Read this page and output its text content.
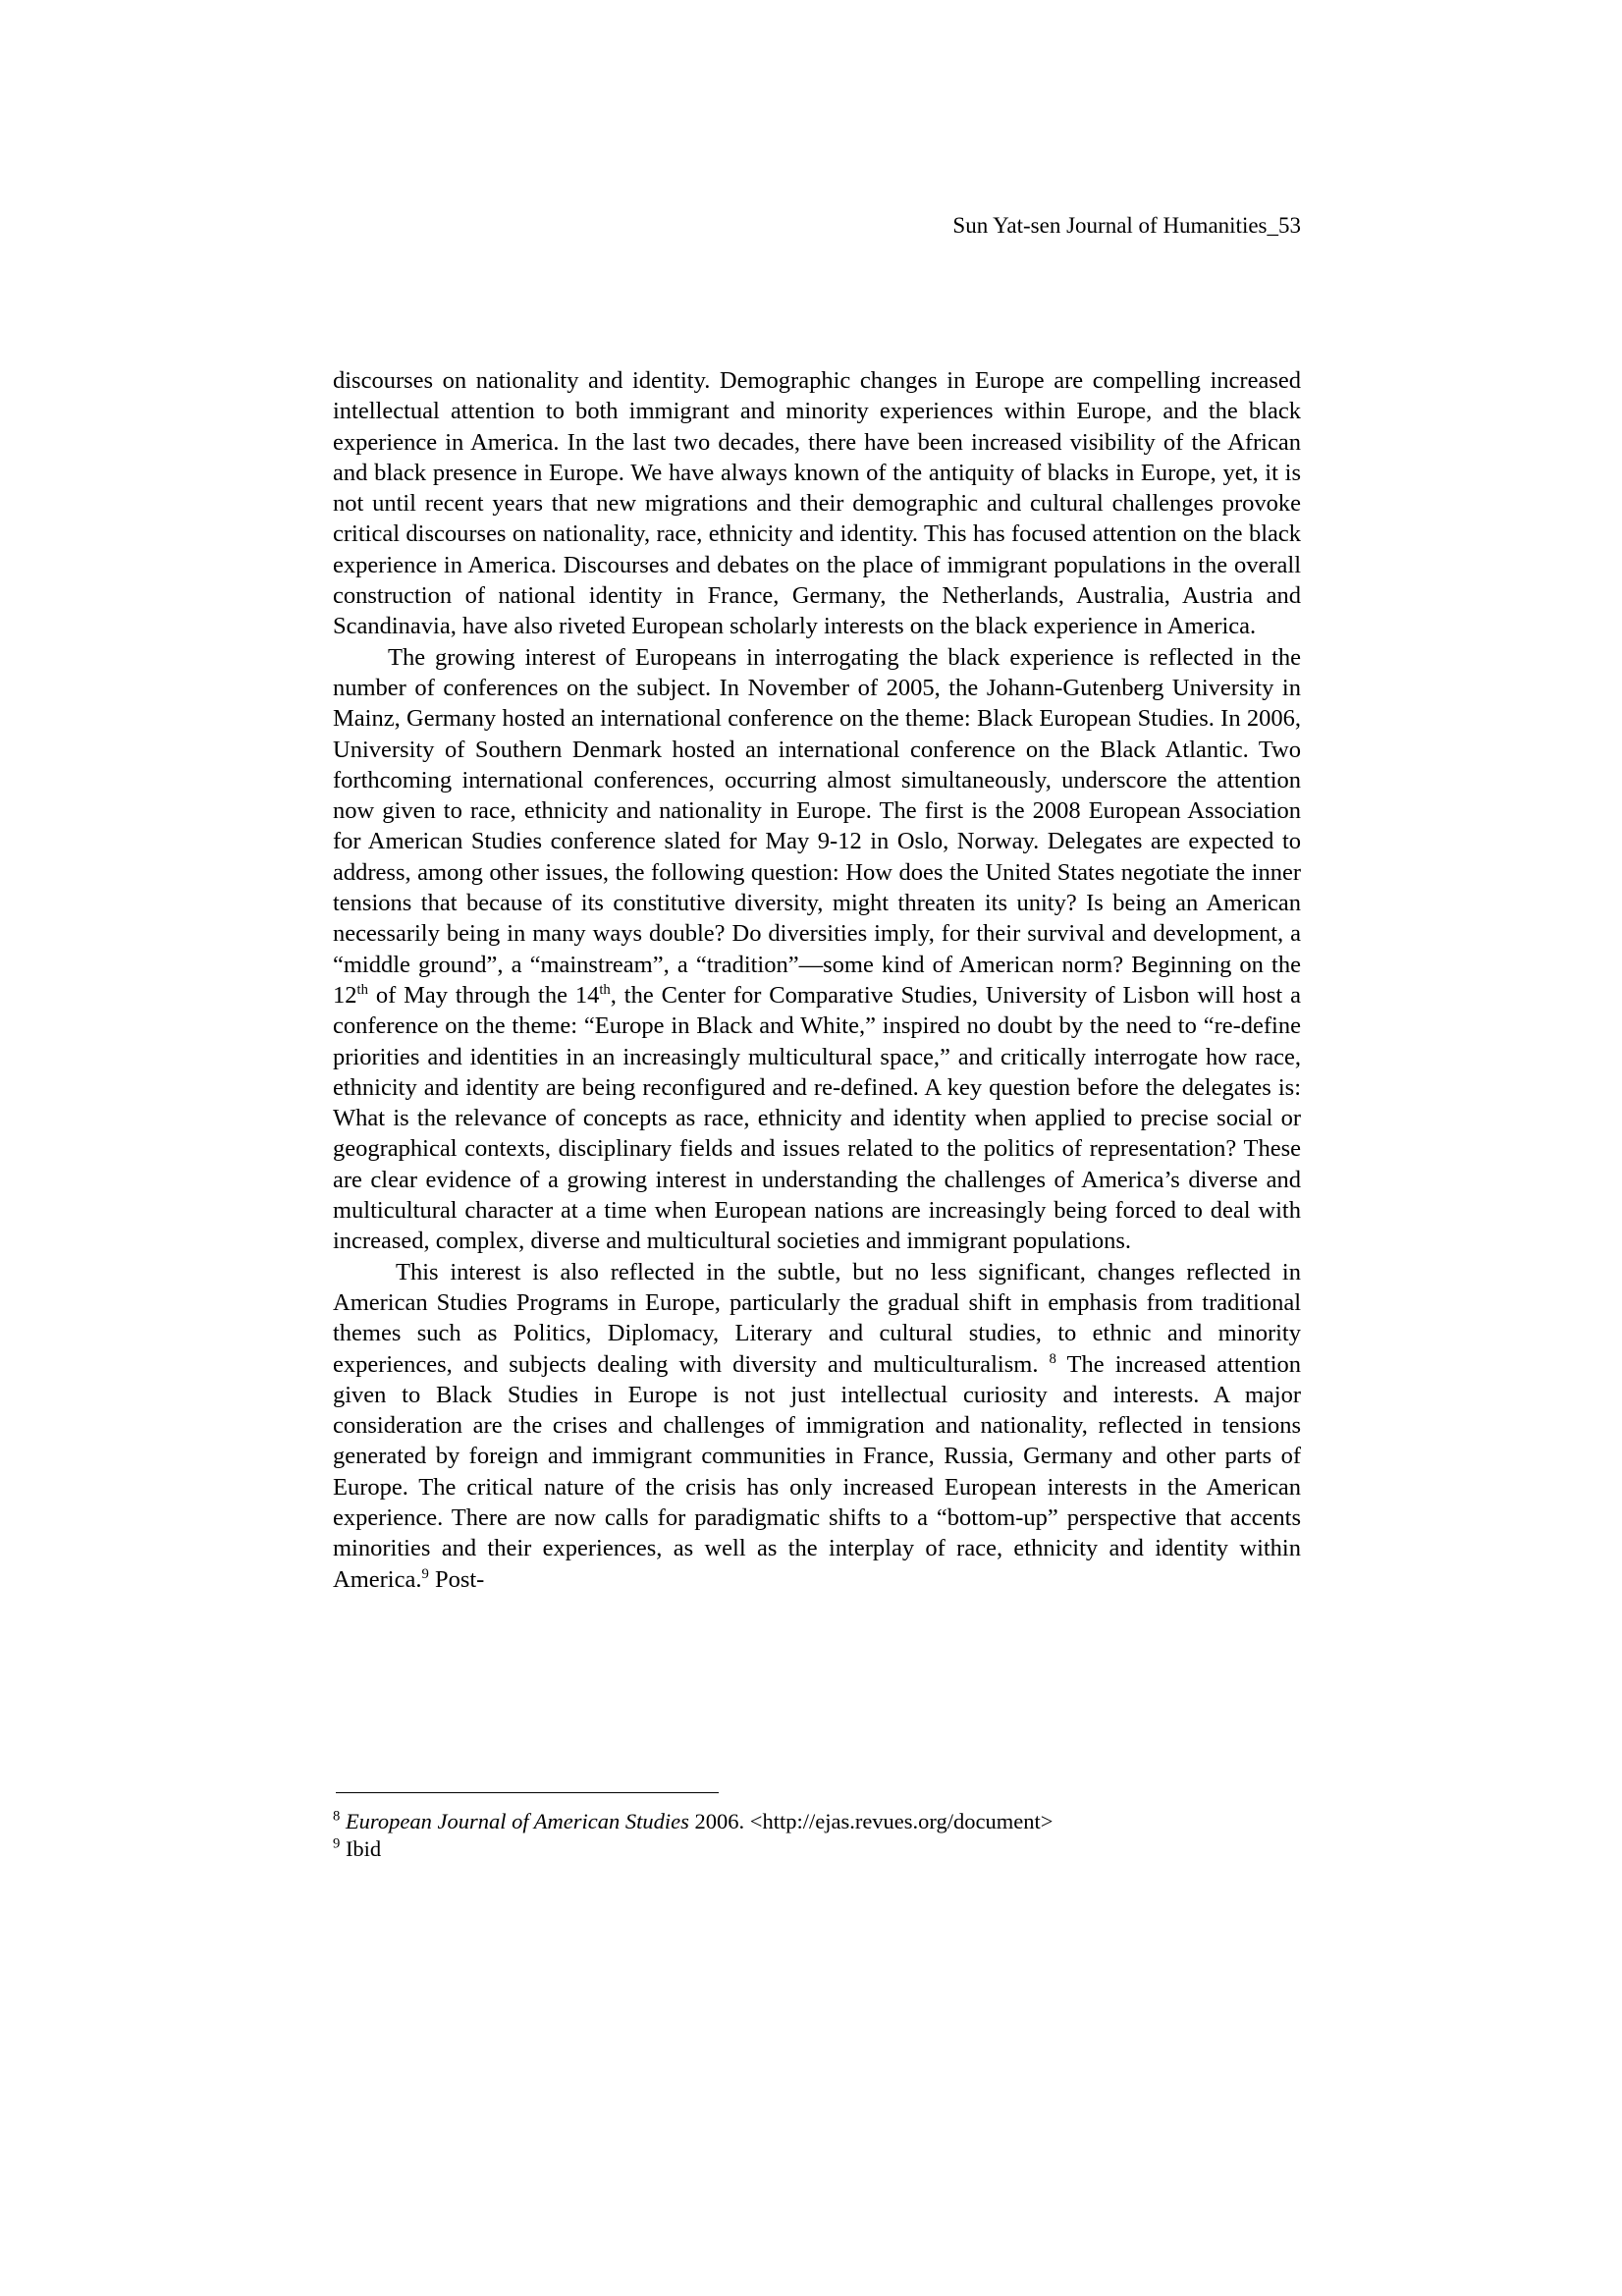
Sun Yat-sen Journal of Humanities_53

discourses on nationality and identity. Demographic changes in Europe are compelling increased intellectual attention to both immigrant and minority experiences within Europe, and the black experience in America. In the last two decades, there have been increased visibility of the African and black presence in Europe. We have always known of the antiquity of blacks in Europe, yet, it is not until recent years that new migrations and their demographic and cultural challenges provoke critical discourses on nationality, race, ethnicity and identity. This has focused attention on the black experience in America. Discourses and debates on the place of immigrant populations in the overall construction of national identity in France, Germany, the Netherlands, Australia, Austria and Scandinavia, have also riveted European scholarly interests on the black experience in America.

The growing interest of Europeans in interrogating the black experience is reflected in the number of conferences on the subject. In November of 2005, the Johann-Gutenberg University in Mainz, Germany hosted an international conference on the theme: Black European Studies. In 2006, University of Southern Denmark hosted an international conference on the Black Atlantic. Two forthcoming international conferences, occurring almost simultaneously, underscore the attention now given to race, ethnicity and nationality in Europe. The first is the 2008 European Association for American Studies conference slated for May 9-12 in Oslo, Norway. Delegates are expected to address, among other issues, the following question: How does the United States negotiate the inner tensions that because of its constitutive diversity, might threaten its unity? Is being an American necessarily being in many ways double? Do diversities imply, for their survival and development, a “middle ground”, a “mainstream”, a “tradition”—some kind of American norm? Beginning on the 12th of May through the 14th, the Center for Comparative Studies, University of Lisbon will host a conference on the theme: “Europe in Black and White,” inspired no doubt by the need to “re-define priorities and identities in an increasingly multicultural space,” and critically interrogate how race, ethnicity and identity are being reconfigured and re-defined. A key question before the delegates is: What is the relevance of concepts as race, ethnicity and identity when applied to precise social or geographical contexts, disciplinary fields and issues related to the politics of representation? These are clear evidence of a growing interest in understanding the challenges of America’s diverse and multicultural character at a time when European nations are increasingly being forced to deal with increased, complex, diverse and multicultural societies and immigrant populations.

This interest is also reflected in the subtle, but no less significant, changes reflected in American Studies Programs in Europe, particularly the gradual shift in emphasis from traditional themes such as Politics, Diplomacy, Literary and cultural studies, to ethnic and minority experiences, and subjects dealing with diversity and multiculturalism. $^8$ The increased attention given to Black Studies in Europe is not just intellectual curiosity and interests. A major consideration are the crises and challenges of immigration and nationality, reflected in tensions generated by foreign and immigrant communities in France, Russia, Germany and other parts of Europe. The critical nature of the crisis has only increased European interests in the American experience. There are now calls for paradigmatic shifts to a “bottom-up” perspective that accents minorities and their experiences, as well as the interplay of race, ethnicity and identity within America.$^9$ Post-

$^8$ European Journal of American Studies 2006. <http://ejas.revues.org/document>

$^9$ Ibid
